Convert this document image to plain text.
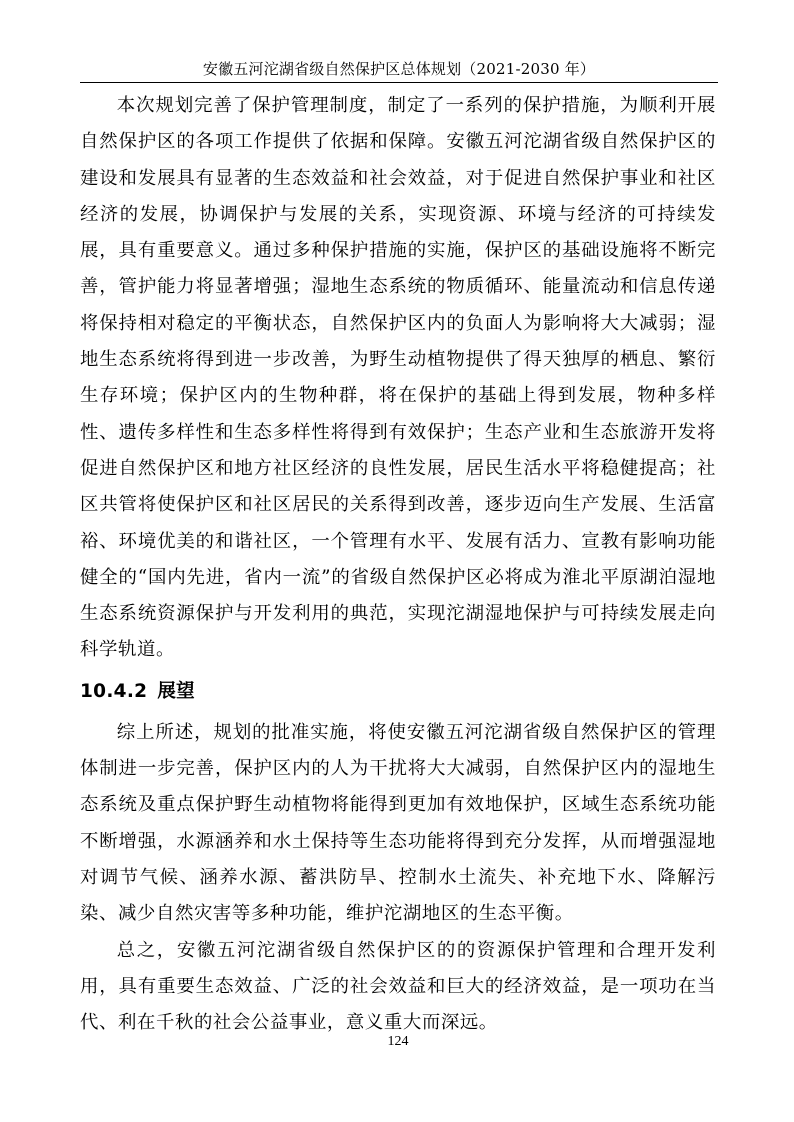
安徽五河沱湖省级自然保护区总体规划（2021-2030 年）

本次规划完善了保护管理制度，制定了一系列的保护措施，为顺利开展自然保护区的各项工作提供了依据和保障。安徽五河沱湖省级自然保护区的建设和发展具有显著的生态效益和社会效益，对于促进自然保护事业和社区经济的发展，协调保护与发展的关系，实现资源、环境与经济的可持续发展，具有重要意义。通过多种保护措施的实施，保护区的基础设施将不断完善，管护能力将显著增强；湿地生态系统的物质循环、能量流动和信息传递将保持相对稳定的平衡状态，自然保护区内的负面人为影响将大大减弱；湿地生态系统将得到进一步改善，为野生动植物提供了得天独厚的栖息、繁衍生存环境；保护区内的生物种群，将在保护的基础上得到发展，物种多样性、遗传多样性和生态多样性将得到有效保护；生态产业和生态旅游开发将促进自然保护区和地方社区经济的良性发展，居民生活水平将稳健提高；社区共管将使保护区和社区居民的关系得到改善，逐步迈向生产发展、生活富裕、环境优美的和谐社区，一个管理有水平、发展有活力、宣教有影响功能健全的“国内先进，省内一流”的省级自然保护区必将成为淮北平原湖泊湿地生态系统资源保护与开发利用的典范，实现沱湖湿地保护与可持续发展走向科学轨道。

10.4.2 展望

综上所述，规划的批准实施，将使安徽五河沱湖省级自然保护区的管理体制进一步完善，保护区内的人为干扰将大大减弱，自然保护区内的湿地生态系统及重点保护野生动植物将能得到更加有效地保护，区域生态系统功能不断增强，水源涵养和水土保持等生态功能将得到充分发挥，从而增强湿地对调节气候、涵养水源、蓄洪防旱、控制水土流失、补充地下水、降解污染、减少自然灾害等多种功能，维护沱湖地区的生态平衡。

总之，安徽五河沱湖省级自然保护区的的资源保护管理和合理开发利用，具有重要生态效益、广泛的社会效益和巨大的经济效益，是一项功在当代、利在千秋的社会公益事业，意义重大而深远。

124
